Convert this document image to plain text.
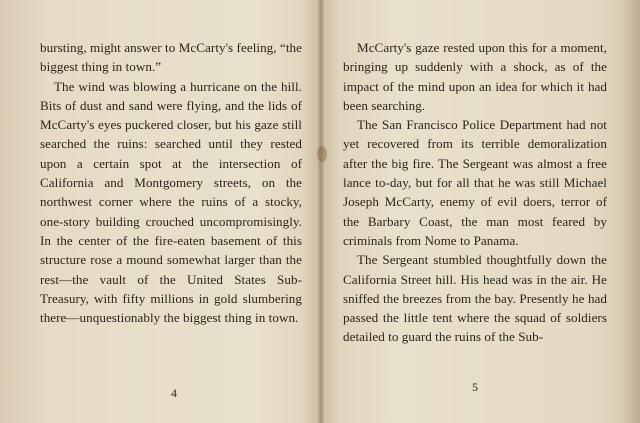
bursting, might answer to McCarty's feeling, “the biggest thing in town.”

The wind was blowing a hurricane on the hill. Bits of dust and sand were flying, and the lids of McCarty's eyes puckered closer, but his gaze still searched the ruins: searched until they rested upon a certain spot at the intersection of California and Montgomery streets, on the northwest corner where the ruins of a stocky, one-story building crouched uncompromisingly. In the center of the fire-eaten basement of this structure rose a mound somewhat larger than the rest—the vault of the United States Sub-Treasury, with fifty millions in gold slumbering there—unquestionably the biggest thing in town.

McCarty's gaze rested upon this for a moment, bringing up suddenly with a shock, as of the impact of the mind upon an idea for which it had been searching.

The San Francisco Police Department had not yet recovered from its terrible demoralization after the big fire. The Sergeant was almost a free lance to-day, but for all that he was still Michael Joseph McCarty, enemy of evil doers, terror of the Barbary Coast, the man most feared by criminals from Nome to Panama.

The Sergeant stumbled thoughtfully down the California Street hill. His head was in the air. He sniffed the breezes from the bay. Presently he had passed the little tent where the squad of soldiers detailed to guard the ruins of the Sub-

4	5
